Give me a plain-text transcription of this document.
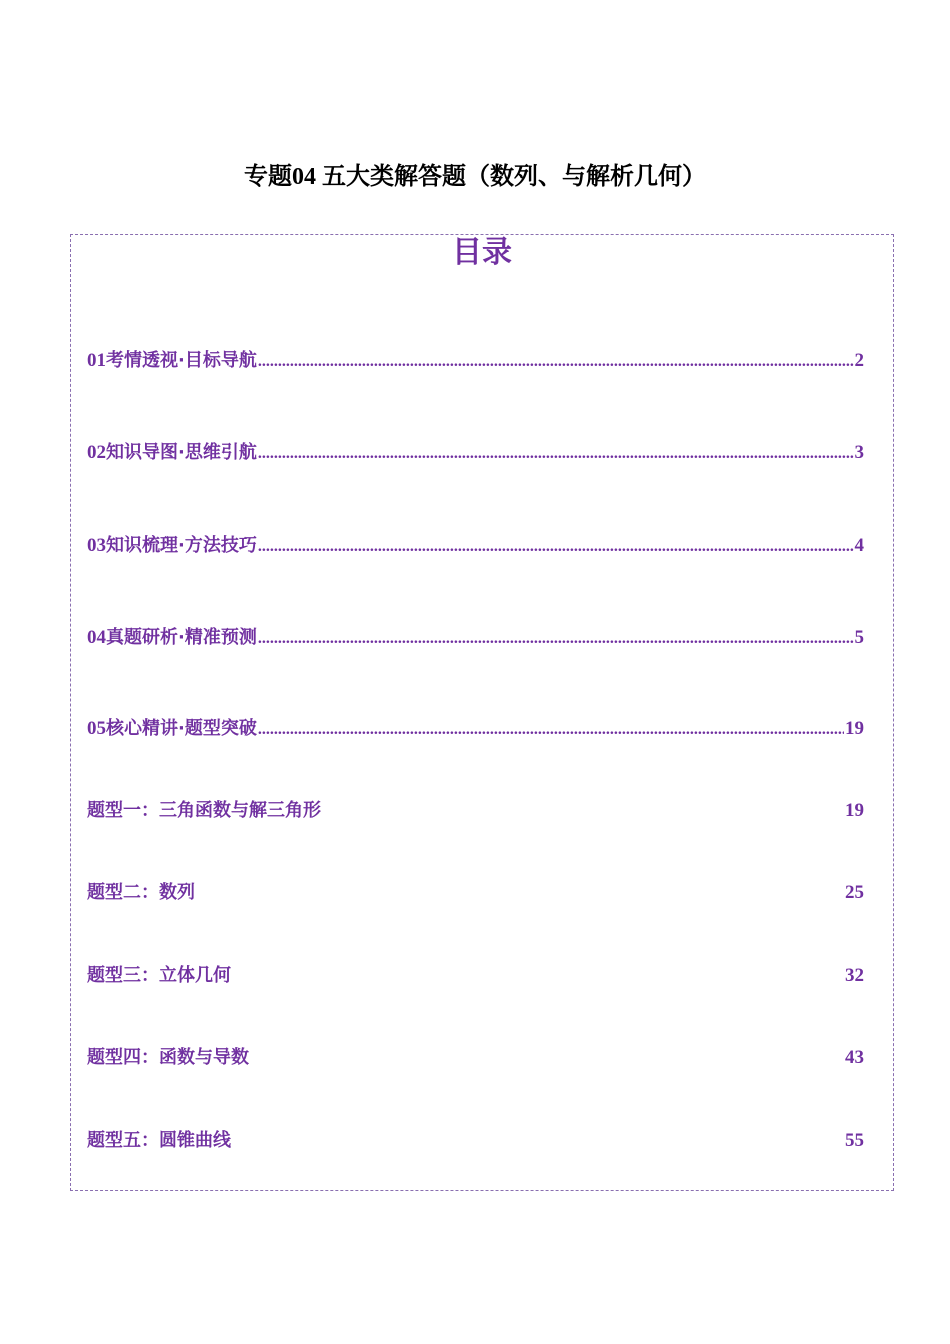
专题04 五大类解答题（数列、与解析几何）
目录
01 考情透视·目标导航 .....	2
02 知识导图·思维引航 .....	3
03 知识梳理·方法技巧 .....	4
04 真题研析·精准预测 .....	5
05 核心精讲·题型突破 .....	19
题型一：三角函数与解三角形	19
题型二：数列	25
题型三：立体几何	32
题型四：函数与导数	43
题型五：圆锥曲线	55
